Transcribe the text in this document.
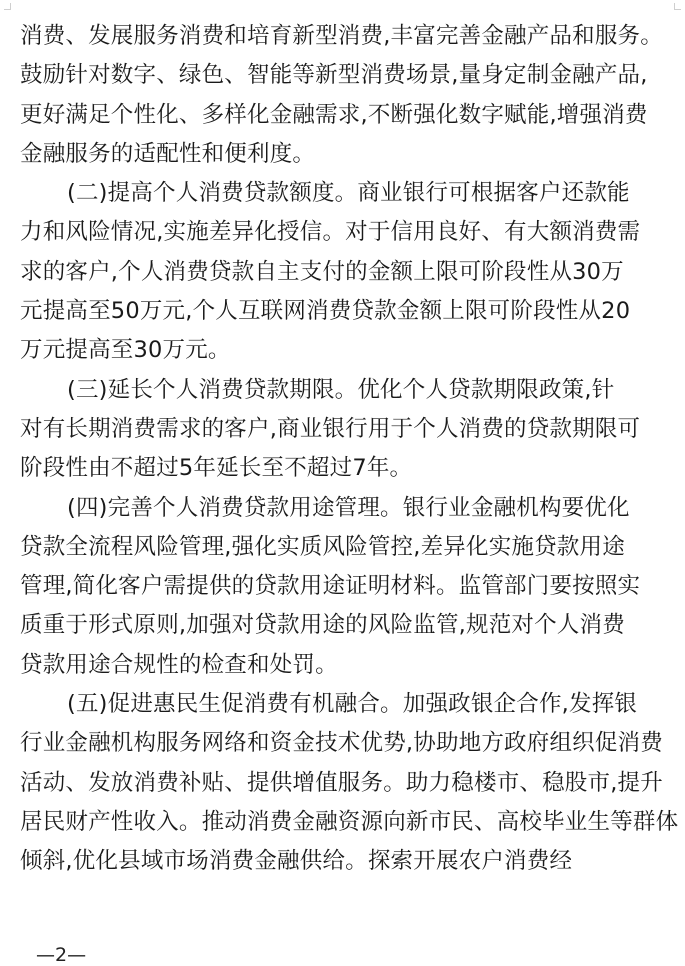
消费、发展服务消费和培育新型消费,丰富完善金融产品和服务。
鼓励针对数字、绿色、智能等新型消费场景,量身定制金融产品,
更好满足个性化、多样化金融需求,不断强化数字赋能,增强消费
金融服务的适配性和便利度。
(二)提高个人消费贷款额度。商业银行可根据客户还款能
力和风险情况,实施差异化授信。对于信用良好、有大额消费需
求的客户,个人消费贷款自主支付的金额上限可阶段性从30万
元提高至50万元,个人互联网消费贷款金额上限可阶段性从20
万元提高至30万元。
(三)延长个人消费贷款期限。优化个人贷款期限政策,针
对有长期消费需求的客户,商业银行用于个人消费的贷款期限可
阶段性由不超过5年延长至不超过7年。
(四)完善个人消费贷款用途管理。银行业金融机构要优化
贷款全流程风险管理,强化实质风险管控,差异化实施贷款用途
管理,简化客户需提供的贷款用途证明材料。监管部门要按照实
质重于形式原则,加强对贷款用途的风险监管,规范对个人消费
贷款用途合规性的检查和处罚。
(五)促进惠民生促消费有机融合。加强政银企合作,发挥银
行业金融机构服务网络和资金技术优势,协助地方政府组织促消费
活动、发放消费补贴、提供增值服务。助力稳楼市、稳股市,提升
居民财产性收入。推动消费金融资源向新市民、高校毕业生等群体
倾斜,优化县域市场消费金融供给。探索开展农户消费经
—2—
